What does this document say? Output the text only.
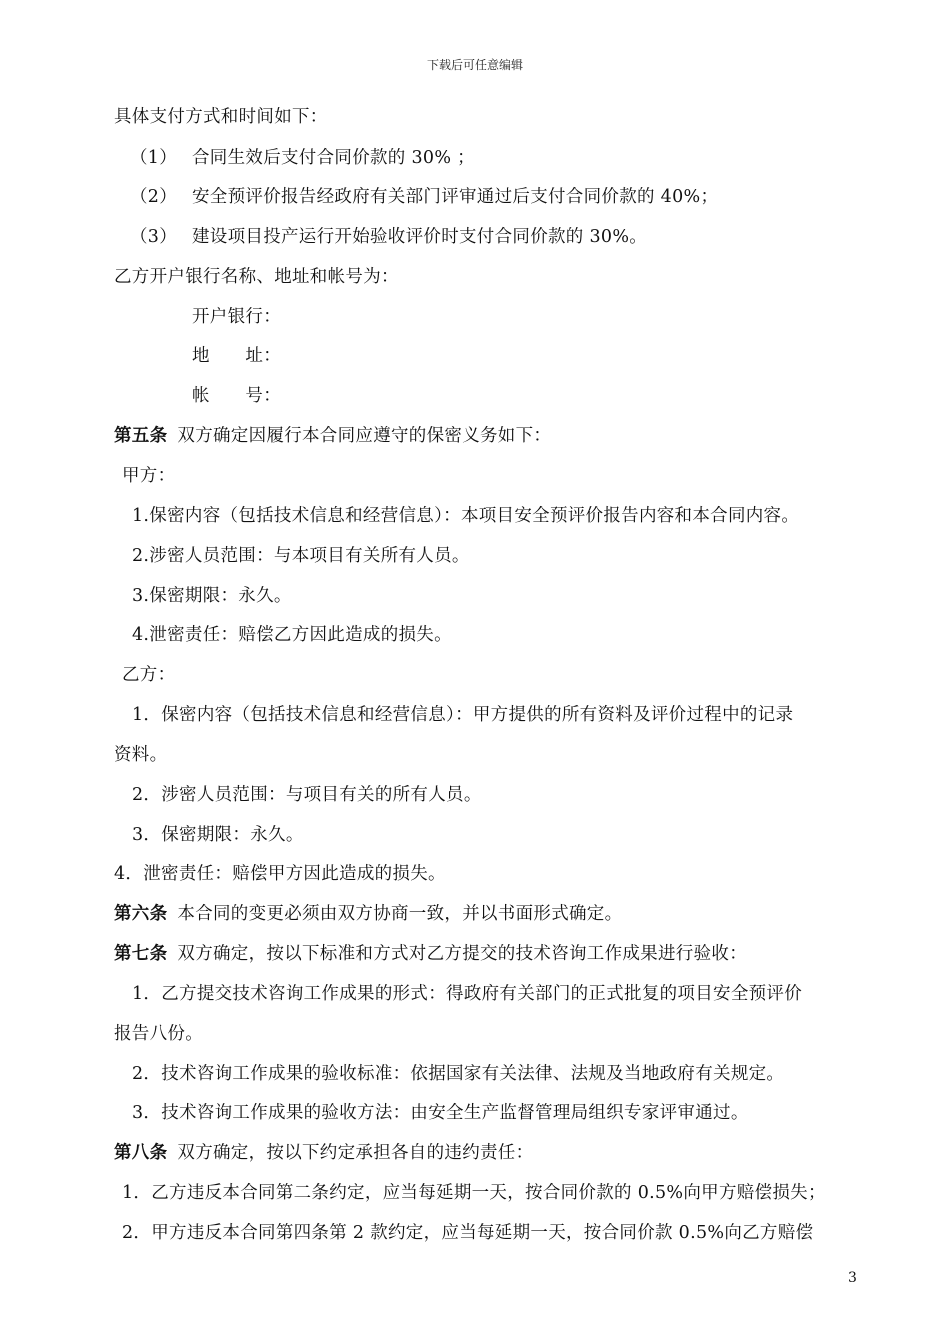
下载后可任意编辑
具体支付方式和时间如下：
（1） 合同生效后支付合同价款的 30% ；
（2） 安全预评价报告经政府有关部门评审通过后支付合同价款的 40%；
（3） 建设项目投产运行开始验收评价时支付合同价款的 30%。
乙方开户银行名称、地址和帐号为：
开户银行：
地　　址：
帐　　号：
第五条 双方确定因履行本合同应遵守的保密义务如下：
甲方：
1.保密内容（包括技术信息和经营信息）：本项目安全预评价报告内容和本合同内容。
2.涉密人员范围：与本项目有关所有人员。
3.保密期限：永久。
4.泄密责任：赔偿乙方因此造成的损失。
乙方：
1．保密内容（包括技术信息和经营信息）：甲方提供的所有资料及评价过程中的记录
资料。
2．涉密人员范围：与项目有关的所有人员。
3．保密期限：永久。
4．泄密责任：赔偿甲方因此造成的损失。
第六条 本合同的变更必须由双方协商一致，并以书面形式确定。
第七条 双方确定，按以下标准和方式对乙方提交的技术咨询工作成果进行验收：
1．乙方提交技术咨询工作成果的形式：得政府有关部门的正式批复的项目安全预评价
报告八份。
2．技术咨询工作成果的验收标准：依据国家有关法律、法规及当地政府有关规定。
3．技术咨询工作成果的验收方法：由安全生产监督管理局组织专家评审通过。
第八条 双方确定，按以下约定承担各自的违约责任：
1．乙方违反本合同第二条约定，应当每延期一天，按合同价款的 0.5%向甲方赔偿损失；
2．甲方违反本合同第四条第 2 款约定，应当每延期一天，按合同价款 0.5%向乙方赔偿
3
